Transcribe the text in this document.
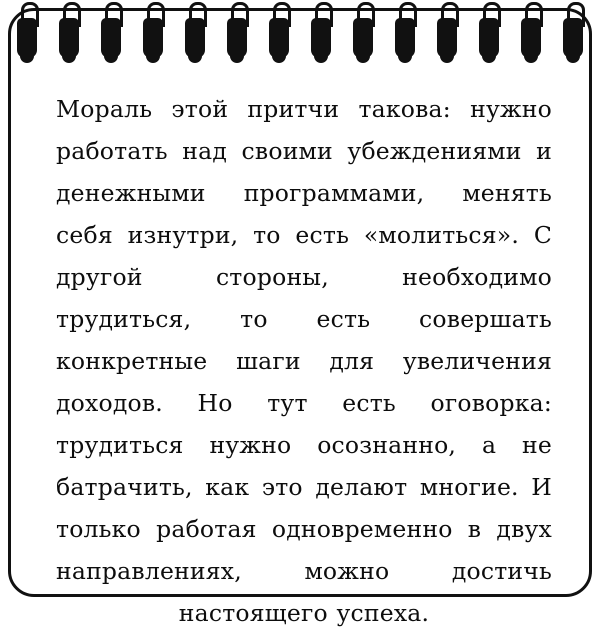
Мораль этой притчи такова: нужно работать над своими убеждениями и денежными программами, менять себя изнутри, то есть «молиться». С другой стороны, необходимо трудиться, то есть совершать конкретные шаги для увеличения доходов. Но тут есть оговорка: трудиться нужно осознанно, а не батрачить, как это делают многие. И только работая одновременно в двух направлениях, можно достичь настоящего успеха.
